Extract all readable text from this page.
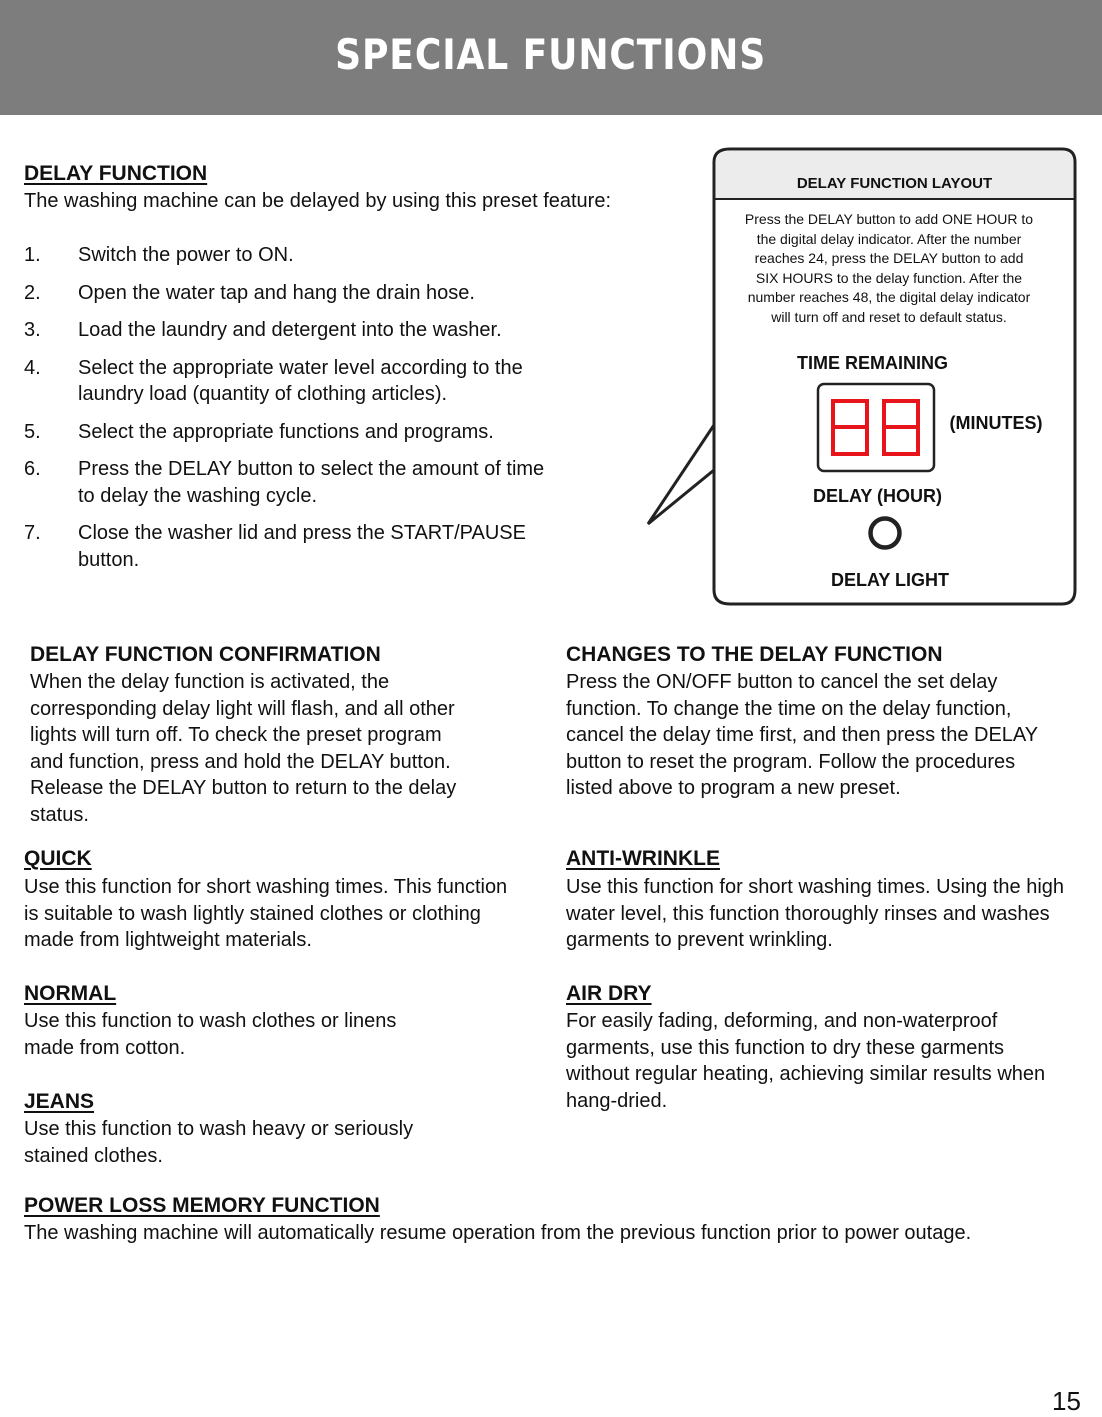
SPECIAL FUNCTIONS
DELAY FUNCTION
The washing machine can be delayed by using this preset feature:
1. Switch the power to ON.
2. Open the water tap and hang the drain hose.
3. Load the laundry and detergent into the washer.
4. Select the appropriate water level according to the laundry load (quantity of clothing articles).
5. Select the appropriate functions and programs.
6. Press the DELAY button to select the amount of time to delay the washing cycle.
7. Close the washer lid and press the START/PAUSE button.
DELAY FUNCTION LAYOUT
Press the DELAY button to add ONE HOUR to the digital delay indicator. After the number reaches 24, press the DELAY button to add SIX HOURS to the delay function. After the number reaches 48, the digital delay indicator will turn off and reset to default status.
TIME REMAINING
(MINUTES)
DELAY (HOUR)
DELAY LIGHT
DELAY FUNCTION CONFIRMATION
When the delay function is activated, the corresponding delay light will flash, and all other lights will turn off. To check the preset program and function, press and hold the DELAY button. Release the DELAY button to return to the delay status.
CHANGES TO THE DELAY FUNCTION
Press the ON/OFF button to cancel the set delay function. To change the time on the delay function, cancel the delay time first, and then press the DELAY button to reset the program. Follow the procedures listed above to program a new preset.
QUICK
Use this function for short washing times. This function is suitable to wash lightly stained clothes or clothing made from lightweight materials.
ANTI-WRINKLE
Use this function for short washing times. Using the high water level, this function thoroughly rinses and washes garments to prevent wrinkling.
NORMAL
Use this function to wash clothes or linens made from cotton.
AIR DRY
For easily fading, deforming, and non-waterproof garments, use this function to dry these garments without regular heating, achieving similar results when hang-dried.
JEANS
Use this function to wash heavy or seriously stained clothes.
POWER LOSS MEMORY FUNCTION
The washing machine will automatically resume operation from the previous function prior to power outage.
15
